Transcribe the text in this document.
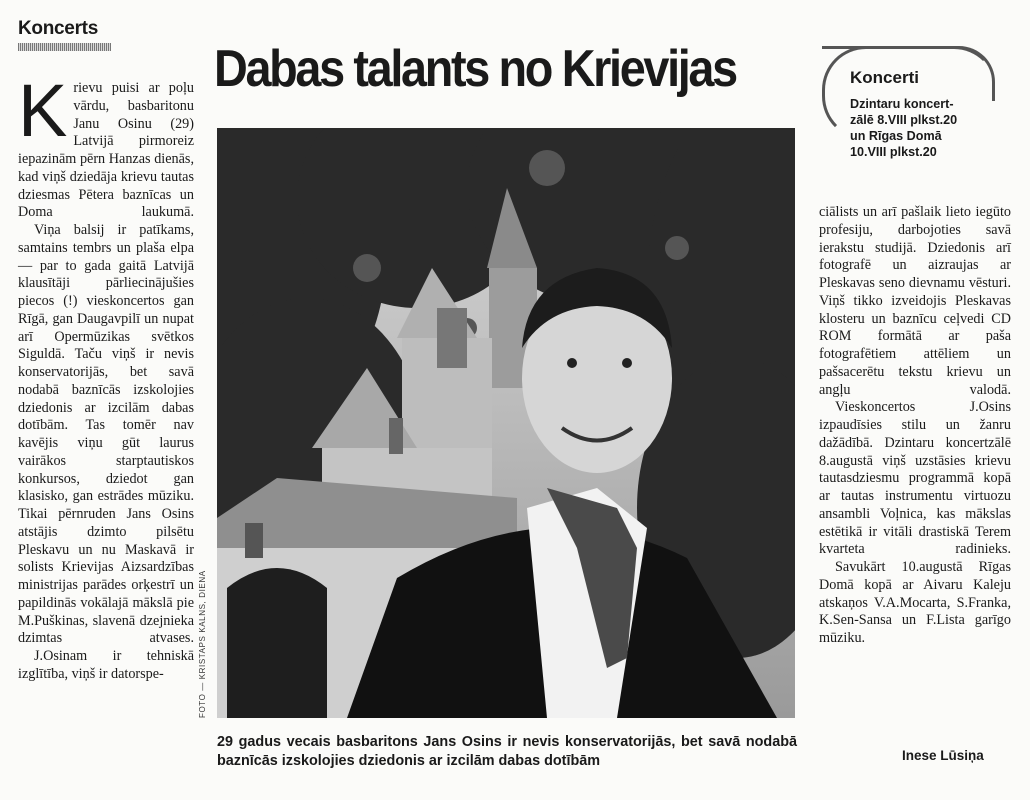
Koncerts
Dabas talants no Krievijas

K rievu puisi ar poļu vārdu, basbaritonu Janu Osinu (29) Latvijā pirmoreiz iepazinām pērn Hanzas dienās, kad viņš dziedāja krievu tautas dziesmas Pētera baznīcas un Doma laukumā.

Viņa balsij ir patīkams, samtains tembrs un plaša elpa — par to gada gaitā Latvijā klausītāji pārliecinājušies piecos (!) vieskoncertos gan Rīgā, gan Daugavpilī un nupat arī Opermūzikas svētkos Siguldā. Taču viņš ir nevis konservatorijās, bet savā nodabā baznīcās izskolojies dziedonis ar izcilām dabas dotībām. Tas tomēr nav kavējis viņu gūt laurus vairākos starptautiskos konkursos, dziedot gan klasisko, gan estrādes mūziku. Tikai pērnruden Jans Osins atstājis dzimto pilsētu Pleskavu un nu Maskavā ir solists Krievijas Aizsardzības ministrijas parādes orķestrī un papildinās vokālajā mākslā pie M.Puškinas, slavenā dzejnieka dzimtas atvases.

J.Osinam ir tehniskā izglītība, viņš ir datorspe-	FOTO — KRISTAPS KALNS, DIENA
29 gadus vecais basbaritons Jans Osins ir nevis konservatorijās, bet savā nodabā baznīcās izskolojies dziedonis ar izcilām dabas dotībām
Koncerti
Dzintaru koncert-
zālē 8.VIII plkst.20
un Rīgas Domā
10.VIII plkst.20

ciālists un arī pašlaik lieto iegūto profesiju, darbojoties savā ierakstu studijā. Dziedonis arī fotografē un aizraujas ar Pleskavas seno dievnamu vēsturi. Viņš tikko izveidojis Pleskavas klosteru un baznīcu ceļvedi CD ROM formātā ar paša fotografētiem attēliem un pašsacerētu tekstu krievu un angļu valodā.

Vieskoncertos J.Osins izpaudīsies stilu un žanru dažādībā. Dzintaru koncertzālē 8.augustā viņš uzstāsies krievu tautasdziesmu programmā kopā ar tautas instrumentu virtuozu ansambli Voļnica, kas mākslas estētikā ir vitāli drastiskā Terem kvarteta radinieks.

Savukārt 10.augustā Rīgas Domā kopā ar Aivaru Kaleju atskaņos V.A.Mocarta, S.Franka, K.Sen-Sansa un F.Lista garīgo mūziku.

Inese Lūsiņa
